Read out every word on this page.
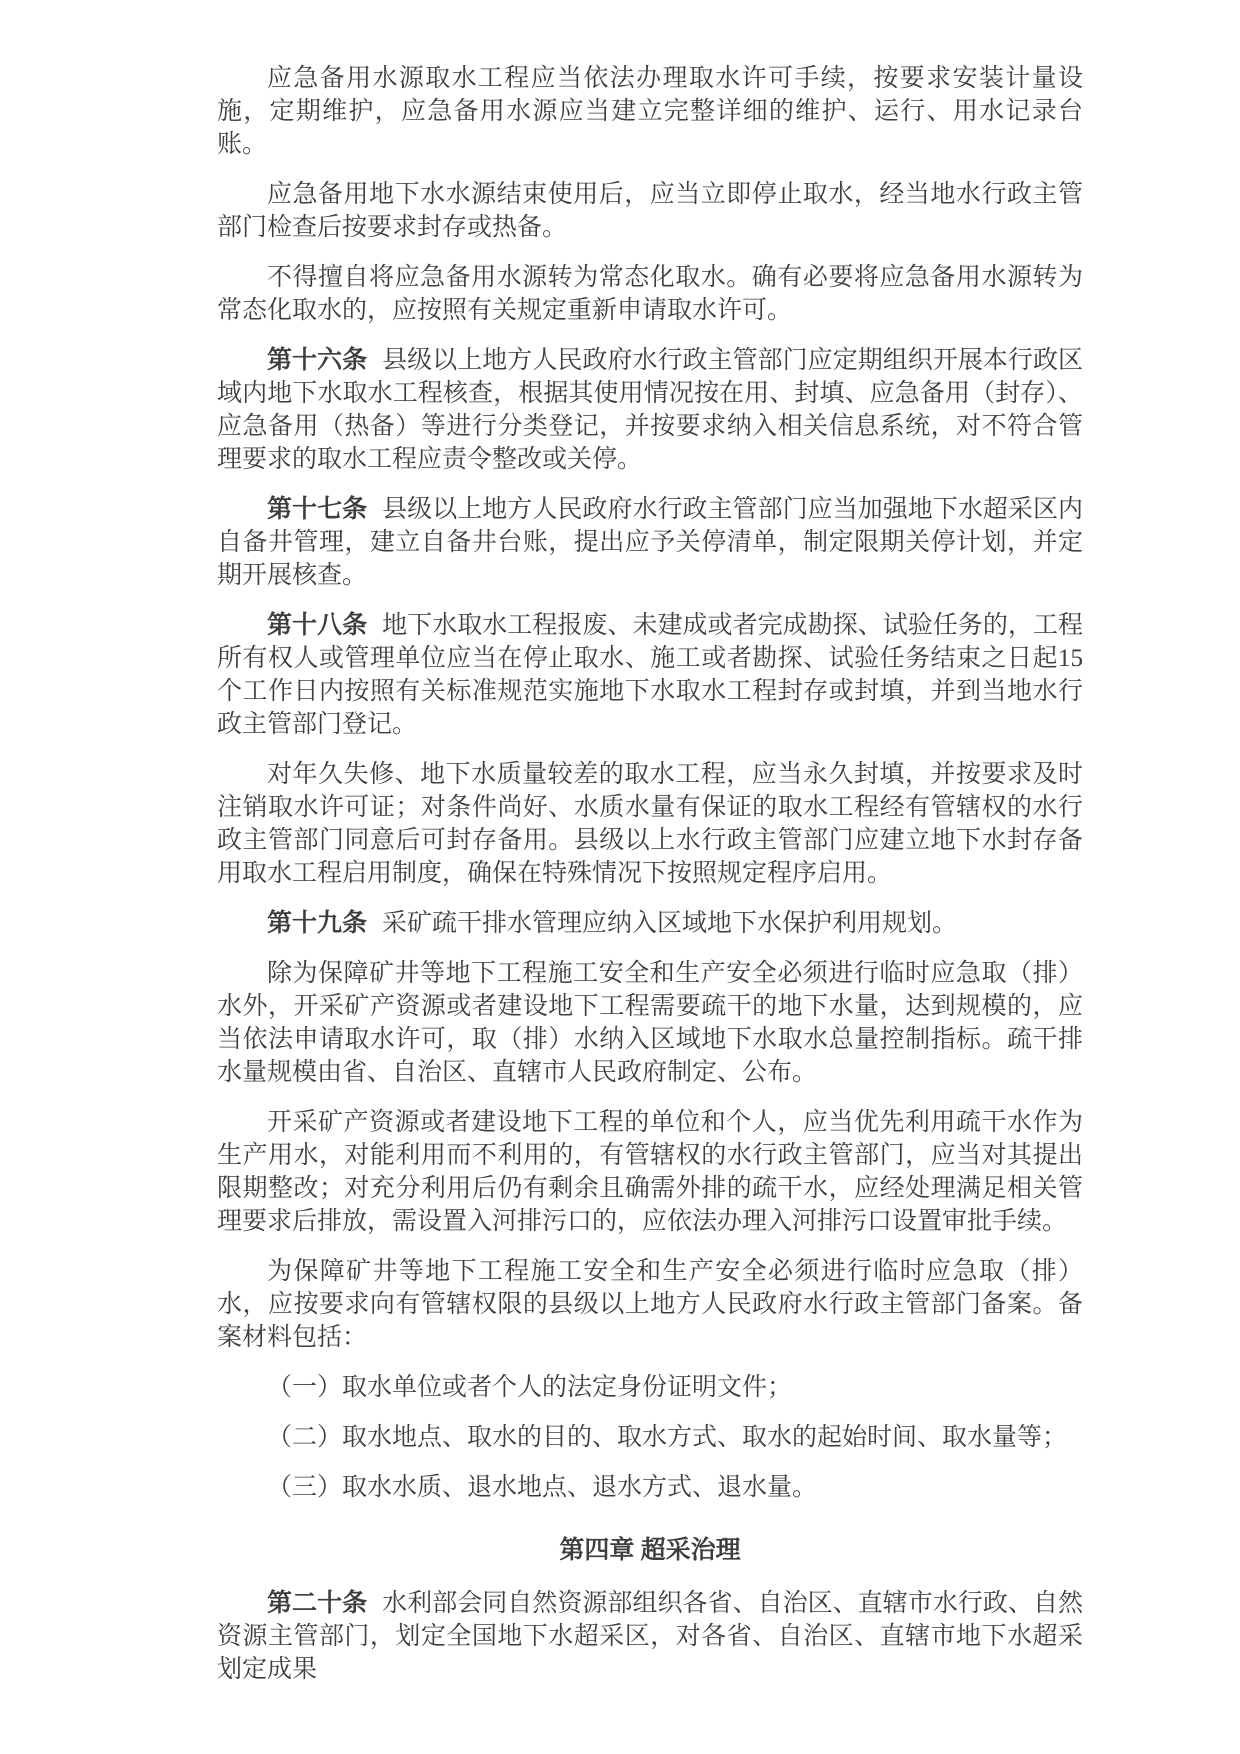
应急备用水源取水工程应当依法办理取水许可手续，按要求安装计量设施，定期维护，应急备用水源应当建立完整详细的维护、运行、用水记录台账。

应急备用地下水水源结束使用后，应当立即停止取水，经当地水行政主管部门检查后按要求封存或热备。

不得擅自将应急备用水源转为常态化取水。确有必要将应急备用水源转为常态化取水的，应按照有关规定重新申请取水许可。

第十六条 县级以上地方人民政府水行政主管部门应定期组织开展本行政区域内地下水取水工程核查，根据其使用情况按在用、封填、应急备用（封存）、应急备用（热备）等进行分类登记，并按要求纳入相关信息系统，对不符合管理要求的取水工程应责令整改或关停。

第十七条 县级以上地方人民政府水行政主管部门应当加强地下水超采区内自备井管理，建立自备井台账，提出应予关停清单，制定限期关停计划，并定期开展核查。

第十八条 地下水取水工程报废、未建成或者完成勘探、试验任务的，工程所有权人或管理单位应当在停止取水、施工或者勘探、试验任务结束之日起15个工作日内按照有关标准规范实施地下水取水工程封存或封填，并到当地水行政主管部门登记。

对年久失修、地下水质量较差的取水工程，应当永久封填，并按要求及时注销取水许可证；对条件尚好、水质水量有保证的取水工程经有管辖权的水行政主管部门同意后可封存备用。县级以上水行政主管部门应建立地下水封存备用取水工程启用制度，确保在特殊情况下按照规定程序启用。

第十九条 采矿疏干排水管理应纳入区域地下水保护利用规划。

除为保障矿井等地下工程施工安全和生产安全必须进行临时应急取（排）水外，开采矿产资源或者建设地下工程需要疏干的地下水量，达到规模的，应当依法申请取水许可，取（排）水纳入区域地下水取水总量控制指标。疏干排水量规模由省、自治区、直辖市人民政府制定、公布。

开采矿产资源或者建设地下工程的单位和个人，应当优先利用疏干水作为生产用水，对能利用而不利用的，有管辖权的水行政主管部门，应当对其提出限期整改；对充分利用后仍有剩余且确需外排的疏干水，应经处理满足相关管理要求后排放，需设置入河排污口的，应依法办理入河排污口设置审批手续。

为保障矿井等地下工程施工安全和生产安全必须进行临时应急取（排）水，应按要求向有管辖权限的县级以上地方人民政府水行政主管部门备案。备案材料包括：

（一）取水单位或者个人的法定身份证明文件；

（二）取水地点、取水的目的、取水方式、取水的起始时间、取水量等；

（三）取水水质、退水地点、退水方式、退水量。

第四章 超采治理

第二十条 水利部会同自然资源部组织各省、自治区、直辖市水行政、自然资源主管部门，划定全国地下水超采区，对各省、自治区、直辖市地下水超采划定成果
